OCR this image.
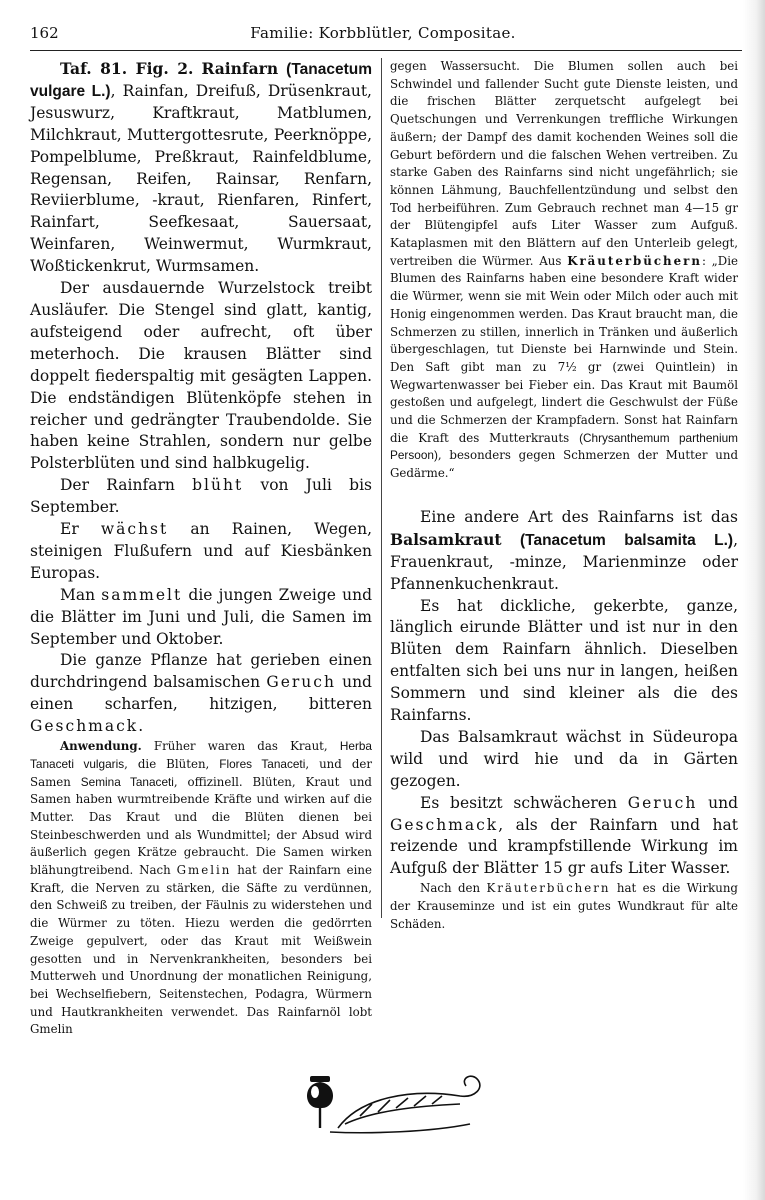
162	Familie: Korbblütler, Compositae.

Taf. 81. Fig. 2. Rainfarn (Tanacetum vulgare L.), Rainfan, Dreifuß, Drüsenkraut, Jesuswurz, Kraftkraut, Matblumen, Milchkraut, Muttergottesrute, Peerknöppe, Pompelblume, Preßkraut, Rainfeldblume, Regensan, Reifen, Rainsar, Renfarn, Reviierblume, -kraut, Rienfaren, Rinfert, Rainfart, Seefkesaat, Sauersaat, Weinfaren, Weinwermut, Wurmkraut, Woßtickenkrut, Wurmsamen.

Der ausdauernde Wurzelstock treibt Ausläufer. Die Stengel sind glatt, kantig, aufsteigend oder aufrecht, oft über meterhoch. Die krausen Blätter sind doppelt fiederspaltig mit gesägten Lappen. Die endständigen Blütenköpfe stehen in reicher und gedrängter Traubendolde. Sie haben keine Strahlen, sondern nur gelbe Polsterblüten und sind halbkugelig.

Der Rainfarn blüht von Juli bis September.

Er wächst an Rainen, Wegen, steinigen Flußufern und auf Kiesbänken Europas.

Man sammelt die jungen Zweige und die Blätter im Juni und Juli, die Samen im September und Oktober.

Die ganze Pflanze hat gerieben einen durchdringend balsamischen Geruch und einen scharfen, hitzigen, bitteren Geschmack.

Anwendung. Früher waren das Kraut, Herba Tanaceti vulgaris, die Blüten, Flores Tanaceti, und der Samen Semina Tanaceti, offizinell. Blüten, Kraut und Samen haben wurmtreibende Kräfte und wirken auf die Mutter. Das Kraut und die Blüten dienen bei Steinbeschwerden und als Wundmittel; der Absud wird äußerlich gegen Krätze gebraucht. Die Samen wirken blähungtreibend. Nach Gmelin hat der Rainfarn eine Kraft, die Nerven zu stärken, die Säfte zu verdünnen, den Schweiß zu treiben, der Fäulnis zu widerstehen und die Würmer zu töten. Hiezu werden die gedörrten Zweige gepulvert, oder das Kraut mit Weißwein gesotten und in Nervenkrankheiten, besonders bei Mutterweh und Unordnung der monatlichen Reinigung, bei Wechselfiebern, Seitenstechen, Podagra, Würmern und Hautkrankheiten verwendet. Das Rainfarnöl lobt Gmelin

gegen Wassersucht. Die Blumen sollen auch bei Schwindel und fallender Sucht gute Dienste leisten, und die frischen Blätter zerquetscht aufgelegt bei Quetschungen und Verrenkungen treffliche Wirkungen äußern; der Dampf des damit kochenden Weines soll die Geburt befördern und die falschen Wehen vertreiben. Zu starke Gaben des Rainfarns sind nicht ungefährlich; sie können Lähmung, Bauchfellentzündung und selbst den Tod herbeiführen. Zum Gebrauch rechnet man 4—15 gr der Blütengipfel aufs Liter Wasser zum Aufguß. Kataplasmen mit den Blättern auf den Unterleib gelegt, vertreiben die Würmer. Aus Kräuterbüchern: „Die Blumen des Rainfarns haben eine besondere Kraft wider die Würmer, wenn sie mit Wein oder Milch oder auch mit Honig eingenommen werden. Das Kraut braucht man, die Schmerzen zu stillen, innerlich in Tränken und äußerlich übergeschlagen, tut Dienste bei Harnwinde und Stein. Den Saft gibt man zu 7½ gr (zwei Quintlein) in Wegwartenwasser bei Fieber ein. Das Kraut mit Baumöl gestoßen und aufgelegt, lindert die Geschwulst der Füße und die Schmerzen der Krampfadern. Sonst hat Rainfarn die Kraft des Mutterkrauts (Chrysanthemum parthenium Persoon), besonders gegen Schmerzen der Mutter und Gedärme.“

Eine andere Art des Rainfarns ist das Balsamkraut (Tanacetum balsamita L.), Frauenkraut, -minze, Marienminze oder Pfannenkuchenkraut.

Es hat dickliche, gekerbte, ganze, länglich eirunde Blätter und ist nur in den Blüten dem Rainfarn ähnlich. Dieselben entfalten sich bei uns nur in langen, heißen Sommern und sind kleiner als die des Rainfarns.

Das Balsamkraut wächst in Südeuropa wild und wird hie und da in Gärten gezogen.

Es besitzt schwächeren Geruch und Geschmack, als der Rainfarn und hat reizende und krampfstillende Wirkung im Aufguß der Blätter 15 gr aufs Liter Wasser.

Nach den Kräuterbüchern hat es die Wirkung der Krauseminze und ist ein gutes Wundkraut für alte Schäden.
